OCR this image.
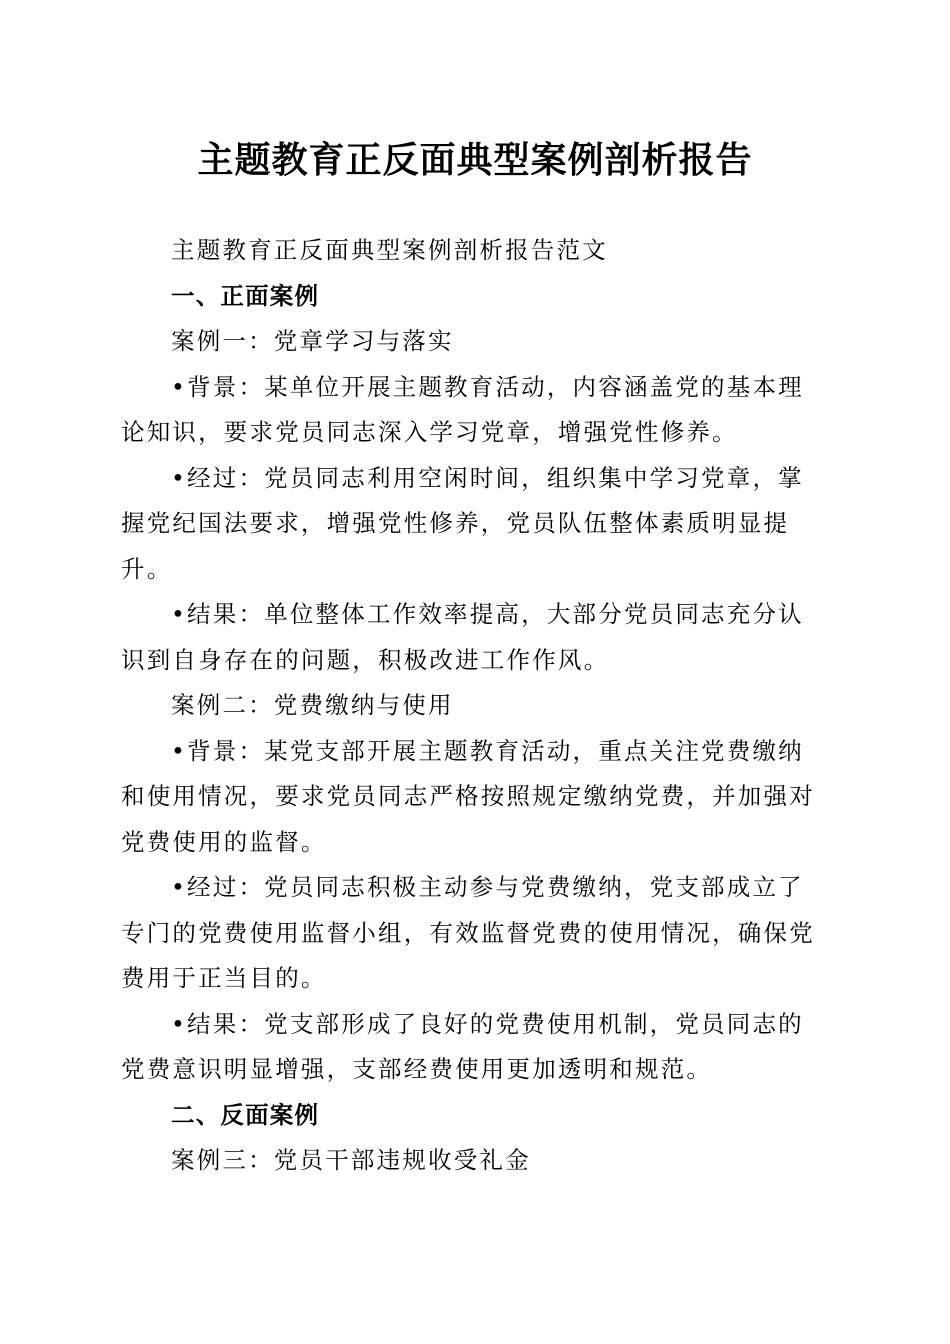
主题教育正反面典型案例剖析报告

主题教育正反面典型案例剖析报告范文

一、正面案例

案例一：党章学习与落实

•背景：某单位开展主题教育活动，内容涵盖党的基本理论知识，要求党员同志深入学习党章，增强党性修养。

•经过：党员同志利用空闲时间，组织集中学习党章，掌握党纪国法要求，增强党性修养，党员队伍整体素质明显提升。

•结果：单位整体工作效率提高，大部分党员同志充分认识到自身存在的问题，积极改进工作作风。

案例二：党费缴纳与使用

•背景：某党支部开展主题教育活动，重点关注党费缴纳和使用情况，要求党员同志严格按照规定缴纳党费，并加强对党费使用的监督。

•经过：党员同志积极主动参与党费缴纳，党支部成立了专门的党费使用监督小组，有效监督党费的使用情况，确保党费用于正当目的。

•结果：党支部形成了良好的党费使用机制，党员同志的党费意识明显增强，支部经费使用更加透明和规范。

二、反面案例

案例三：党员干部违规收受礼金
